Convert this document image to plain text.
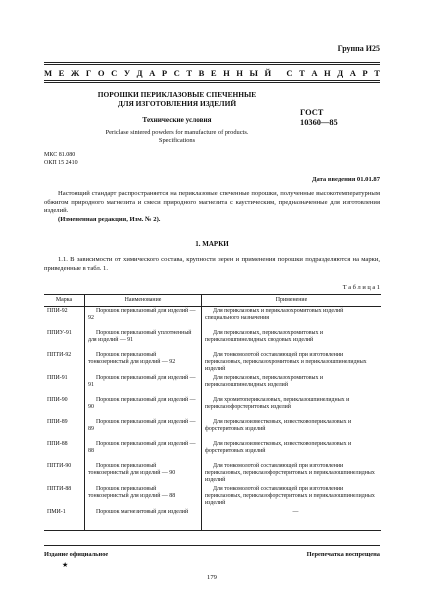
Группа И25
М Е Ж Г О С У Д А Р С Т В Е Н Н Ы Й
С Т А Н Д А Р Т
ПОРОШКИ ПЕРИКЛАЗОВЫЕ СПЕЧЕННЫЕ
ДЛЯ ИЗГОТОВЛЕНИЯ ИЗДЕЛИЙ
Технические условия
Periclase sintered powders for manufacture of products.
Specifications
ГОСТ
10360—85
МКС 81.080
ОКП 15 2410
Дата введения 01.01.87
Настоящий стандарт распространяется на периклазовые спеченные порошки, полученные высокотемпературным обжигом природного магнезита и смеси природного магнезита с каустическим, предназначенные для изготовления изделий.
(Измененная редакция, Изм. № 2).
1. МАРКИ
1.1. В зависимости от химического состава, крупности зерен и применения порошки подразделяются на марки, приведенные в табл. 1.
Т а б л и ц а 1
Марка	Наименование	Применение
ППИ-92	Порошок периклазовый для изделий — 92	Для периклазовых и периклазохромитовых изделий специального назначения
ППИУ-91	Порошок периклазовый уплотненный для изделий — 91	Для периклазовых, периклазохромитовых и периклазошпинелидных сводовых изделий
ППТИ-92	Порошок периклазовый тонкозернистый для изделий — 92	Для тонкомолотой составляющей при изготовлении периклазовых, периклазохромитовых и периклазошпинелидных изделий
ППИ-91	Порошок периклазовый для изделий — 91	Для периклазовых, периклазохромитовых и периклазошпинелидных изделий
ППИ-90	Порошок периклазовый для изделий — 90	Для хромитопериклазовых, периклазошпинелидных и периклазофорстеритовых изделий
ППИ-89	Порошок периклазовый для изделий — 89	Для периклазоизвестковых, известковопериклазовых и форстеритовых изделий
ППИ-88	Порошок периклазовый для изделий — 88	Для периклазоизвестковых, известковопериклазовых и форстеритовых изделий
ППТИ-90	Порошок периклазовый тонкозернистый для изделий — 90	Для тонкомолотой составляющей при изготовлении периклазовых, периклазофорстеритовых и периклазошпинелидных изделий
ППТИ-88	Порошок периклазовый тонкозернистый для изделий — 88	Для тонкомолотой составляющей при изготовлении периклазовых, периклазофорстеритовых и периклазошпинелидных изделий
ПМИ-1	Порошок магнезитовый для изделий	—
Издание официальное
★
Перепечатка воспрещена
179
